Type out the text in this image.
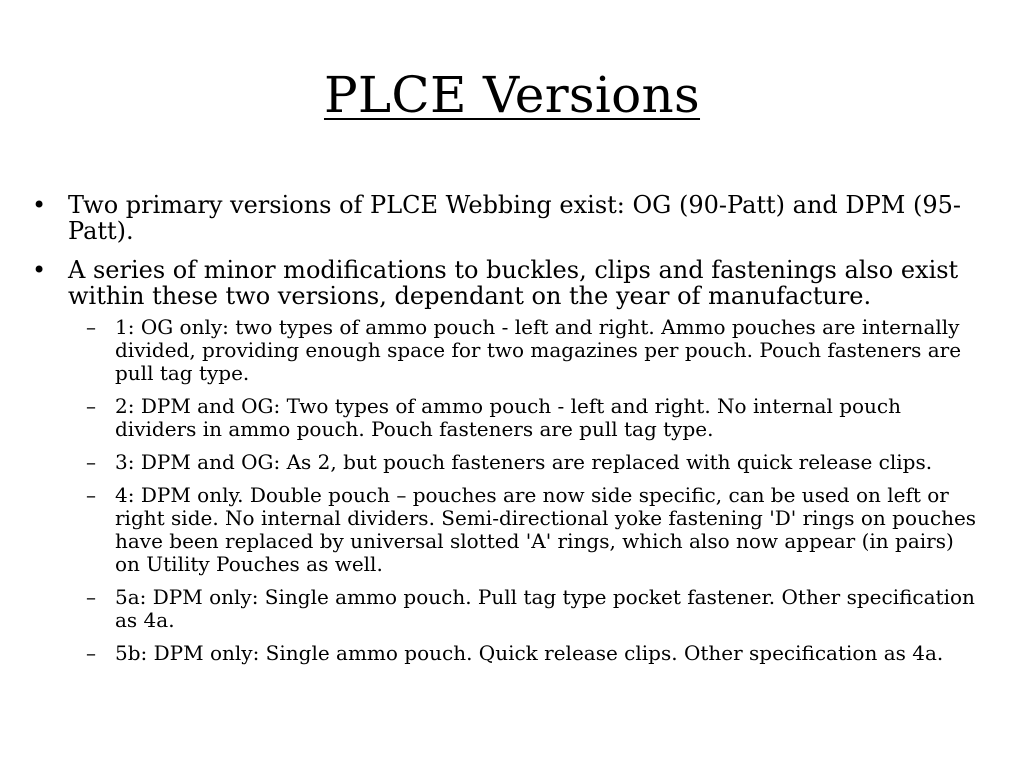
PLCE Versions
• Two primary versions of PLCE Webbing exist: OG (90-Patt) and DPM (95-Patt).
• A series of minor modifications to buckles, clips and fastenings also exist within these two versions, dependant on the year of manufacture.
– 1: OG only: two types of ammo pouch - left and right. Ammo pouches are internally divided, providing enough space for two magazines per pouch. Pouch fasteners are pull tag type.
– 2: DPM and OG: Two types of ammo pouch - left and right. No internal pouch dividers in ammo pouch. Pouch fasteners are pull tag type.
– 3: DPM and OG: As 2, but pouch fasteners are replaced with quick release clips.
– 4: DPM only. Double pouch – pouches are now side specific, can be used on left or right side. No internal dividers. Semi-directional yoke fastening 'D' rings on pouches have been replaced by universal slotted 'A' rings, which also now appear (in pairs) on Utility Pouches as well.
– 5a: DPM only: Single ammo pouch. Pull tag type pocket fastener. Other specification as 4a.
– 5b: DPM only: Single ammo pouch. Quick release clips. Other specification as 4a.
